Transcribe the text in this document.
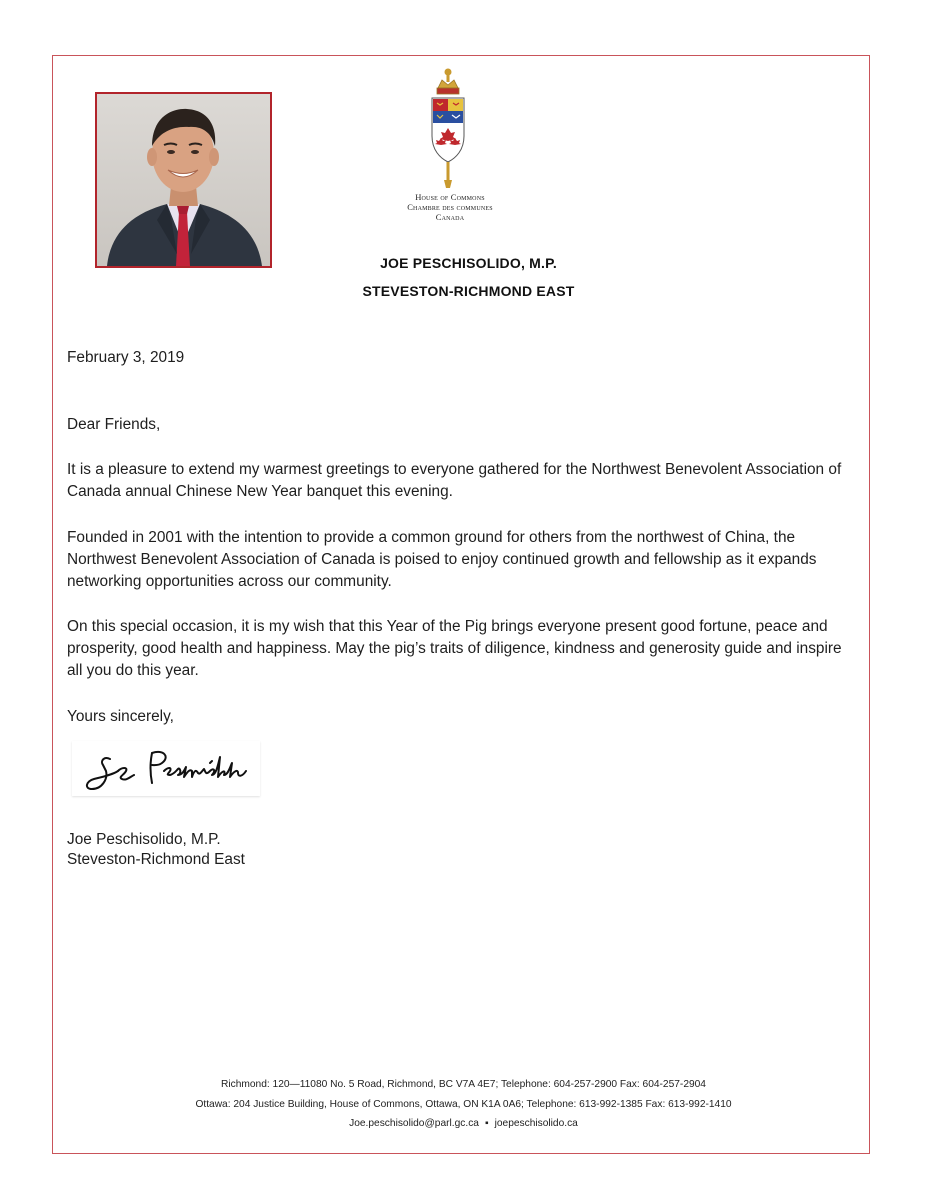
House of Commons
Chambre des communes
Canada
JOE PESCHISOLIDO, M.P.
STEVESTON-RICHMOND EAST
February 3, 2019
Dear Friends,
It is a pleasure to extend my warmest greetings to everyone gathered for the Northwest Benevolent Association of Canada annual Chinese New Year banquet this evening.
Founded in 2001 with the intention to provide a common ground for others from the northwest of China, the Northwest Benevolent Association of Canada is poised to enjoy continued growth and fellowship as it expands networking opportunities across our community.
On this special occasion, it is my wish that this Year of the Pig brings everyone present good fortune, peace and prosperity, good health and happiness. May the pig’s traits of diligence, kindness and generosity guide and inspire all you do this year.
Yours sincerely,
Joe Peschisolido, M.P.
Steveston-Richmond East
Richmond: 120—11080 No. 5 Road, Richmond, BC V7A 4E7; Telephone: 604-257-2900 Fax: 604-257-2904
Ottawa: 204 Justice Building, House of Commons, Ottawa, ON K1A 0A6; Telephone: 613-992-1385 Fax: 613-992-1410
Joe.peschisolido@parl.gc.ca ▪ joepeschisolido.ca
